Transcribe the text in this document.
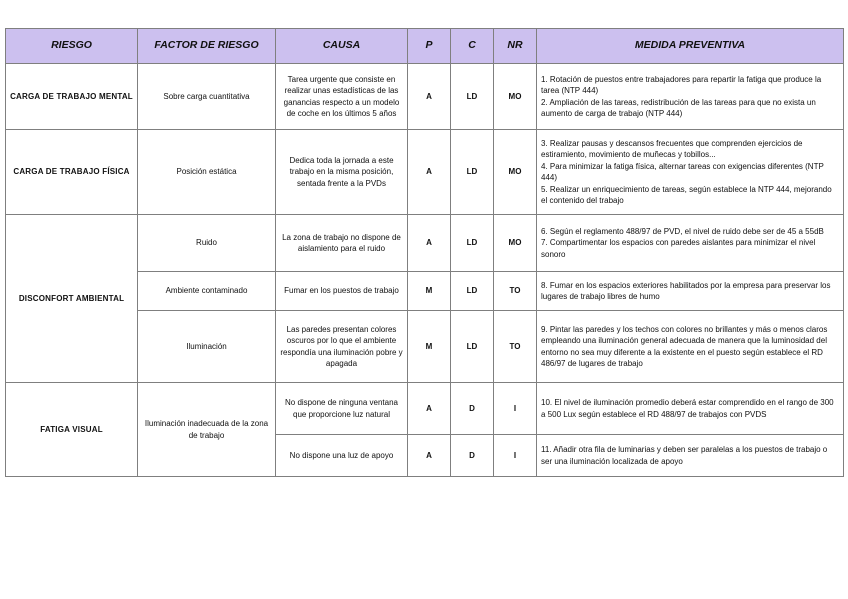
RIESGO	FACTOR DE RIESGO	CAUSA	P	C	NR	MEDIDA PREVENTIVA
CARGA DE TRABAJO MENTAL	Sobre carga cuantitativa	Tarea urgente que consiste en realizar unas estadísticas de las ganancias respecto a un modelo de coche en los últimos 5 años	A	LD	MO	1. Rotación de puestos entre trabajadores para repartir la fatiga que produce la tarea (NTP 444)
2. Ampliación de las tareas, redistribución de las tareas para que no exista un aumento de carga de trabajo (NTP 444)

CARGA DE TRABAJO FÍSICA	Posición estática	Dedica toda la jornada a este trabajo en la misma posición, sentada frente a la PVDs	A	LD	MO	3. Realizar pausas y descansos frecuentes que comprenden ejercicios de estiramiento, movimiento de muñecas y tobillos...
4. Para minimizar la fatiga física, alternar tareas con exigencias diferentes (NTP 444)
5. Realizar un enriquecimiento de tareas, según establece la NTP 444, mejorando el contenido del trabajo

DISCONFORT AMBIENTAL	Ruido	La zona de trabajo no dispone de aislamiento para el ruido	A	LD	MO	6. Según el reglamento 488/97 de PVD, el nivel de ruido debe ser de 45 a 55dB
7. Compartimentar los espacios con paredes aislantes para minimizar el nivel sonoro

	Ambiente contaminado	Fumar en los puestos de trabajo	M	LD	TO	8. Fumar en los espacios exteriores habilitados por la empresa para preservar los lugares de trabajo libres de humo

	Iluminación	Las paredes presentan colores oscuros por lo que el ambiente respondía una iluminación pobre y apagada	M	LD	TO	9. Pintar las paredes y los techos con colores no brillantes y más o menos claros empleando una iluminación general adecuada de manera que la luminosidad del entorno no sea muy diferente a la existente en el puesto según establece el RD 486/97 de lugares de trabajo

FATIGA VISUAL	Iluminación inadecuada de la zona de trabajo	No dispone de ninguna ventana que proporcione luz natural	A	D	I	10. El nivel de iluminación promedio deberá estar comprendido en el rango de 300 a 500 Lux según establece el RD 488/97 de trabajos con PVDS

		No dispone una luz de apoyo	A	D	I	11. Añadir otra fila de luminarias y deben ser paralelas a los puestos de trabajo o ser una iluminación localizada de apoyo
